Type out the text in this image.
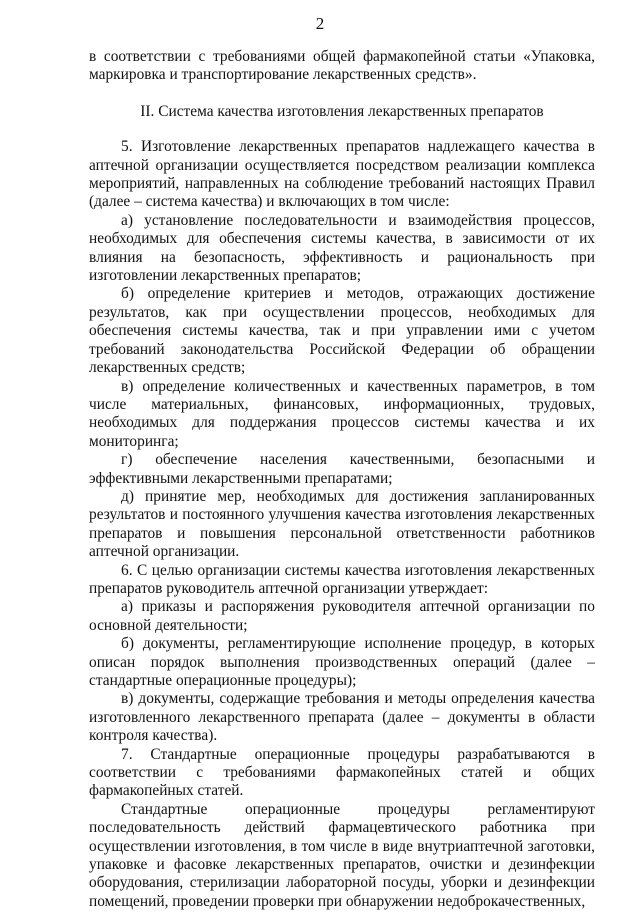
2

в соответствии с требованиями общей фармакопейной статьи «Упаковка, маркировка и транспортирование лекарственных средств».

II. Система качества изготовления лекарственных препаратов

5. Изготовление лекарственных препаратов надлежащего качества в аптечной организации осуществляется посредством реализации комплекса мероприятий, направленных на соблюдение требований настоящих Правил (далее – система качества) и включающих в том числе:

а) установление последовательности и взаимодействия процессов, необходимых для обеспечения системы качества, в зависимости от их влияния на безопасность, эффективность и рациональность при изготовлении лекарственных препаратов;

б) определение критериев и методов, отражающих достижение результатов, как при осуществлении процессов, необходимых для обеспечения системы качества, так и при управлении ими с учетом требований законодательства Российской Федерации об обращении лекарственных средств;

в) определение количественных и качественных параметров, в том числе материальных, финансовых, информационных, трудовых, необходимых для поддержания процессов системы качества и их мониторинга;

г) обеспечение населения качественными, безопасными и эффективными лекарственными препаратами;

д) принятие мер, необходимых для достижения запланированных результатов и постоянного улучшения качества изготовления лекарственных препаратов и повышения персональной ответственности работников аптечной организации.

6. С целью организации системы качества изготовления лекарственных препаратов руководитель аптечной организации утверждает:

а) приказы и распоряжения руководителя аптечной организации по основной деятельности;

б) документы, регламентирующие исполнение процедур, в которых описан порядок выполнения производственных операций (далее – стандартные операционные процедуры);

в) документы, содержащие требования и методы определения качества изготовленного лекарственного препарата (далее – документы в области контроля качества).

7. Стандартные операционные процедуры разрабатываются в соответствии с требованиями фармакопейных статей и общих фармакопейных статей.

Стандартные операционные процедуры регламентируют последовательность действий фармацевтического работника при осуществлении изготовления, в том числе в виде внутриаптечной заготовки, упаковке и фасовке лекарственных препаратов, очистки и дезинфекции оборудования, стерилизации лабораторной посуды, уборки и дезинфекции помещений, проведении проверки при обнаружении недоброкачественных,
